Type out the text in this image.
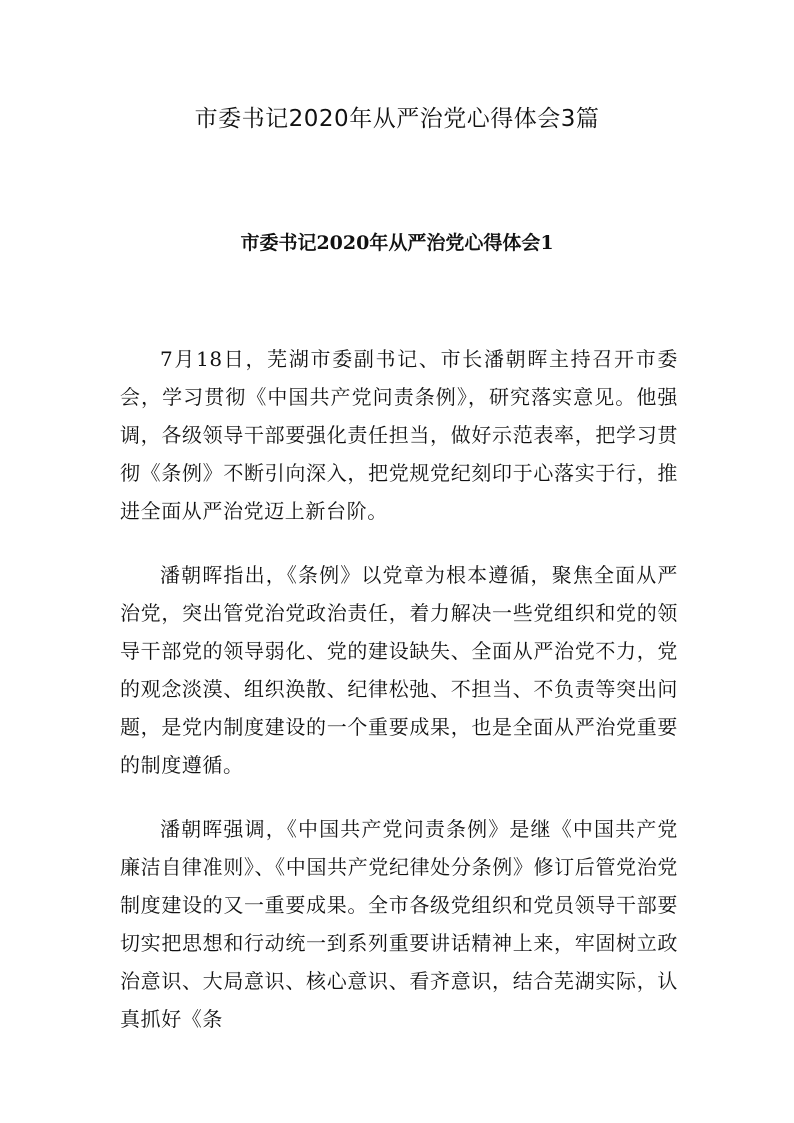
市委书记2020年从严治党心得体会3篇
市委书记2020年从严治党心得体会1

7月18日，芜湖市委副书记、市长潘朝晖主持召开市委会，学习贯彻《中国共产党问责条例》，研究落实意见。他强调，各级领导干部要强化责任担当，做好示范表率，把学习贯彻《条例》不断引向深入，把党规党纪刻印于心落实于行，推进全面从严治党迈上新台阶。

潘朝晖指出，《条例》以党章为根本遵循，聚焦全面从严治党，突出管党治党政治责任，着力解决一些党组织和党的领导干部党的领导弱化、党的建设缺失、全面从严治党不力，党的观念淡漠、组织涣散、纪律松弛、不担当、不负责等突出问题，是党内制度建设的一个重要成果，也是全面从严治党重要的制度遵循。

潘朝晖强调，《中国共产党问责条例》是继《中国共产党廉洁自律准则》、《中国共产党纪律处分条例》修订后管党治党制度建设的又一重要成果。全市各级党组织和党员领导干部要切实把思想和行动统一到系列重要讲话精神上来，牢固树立政治意识、大局意识、核心意识、看齐意识，结合芜湖实际，认真抓好《条
